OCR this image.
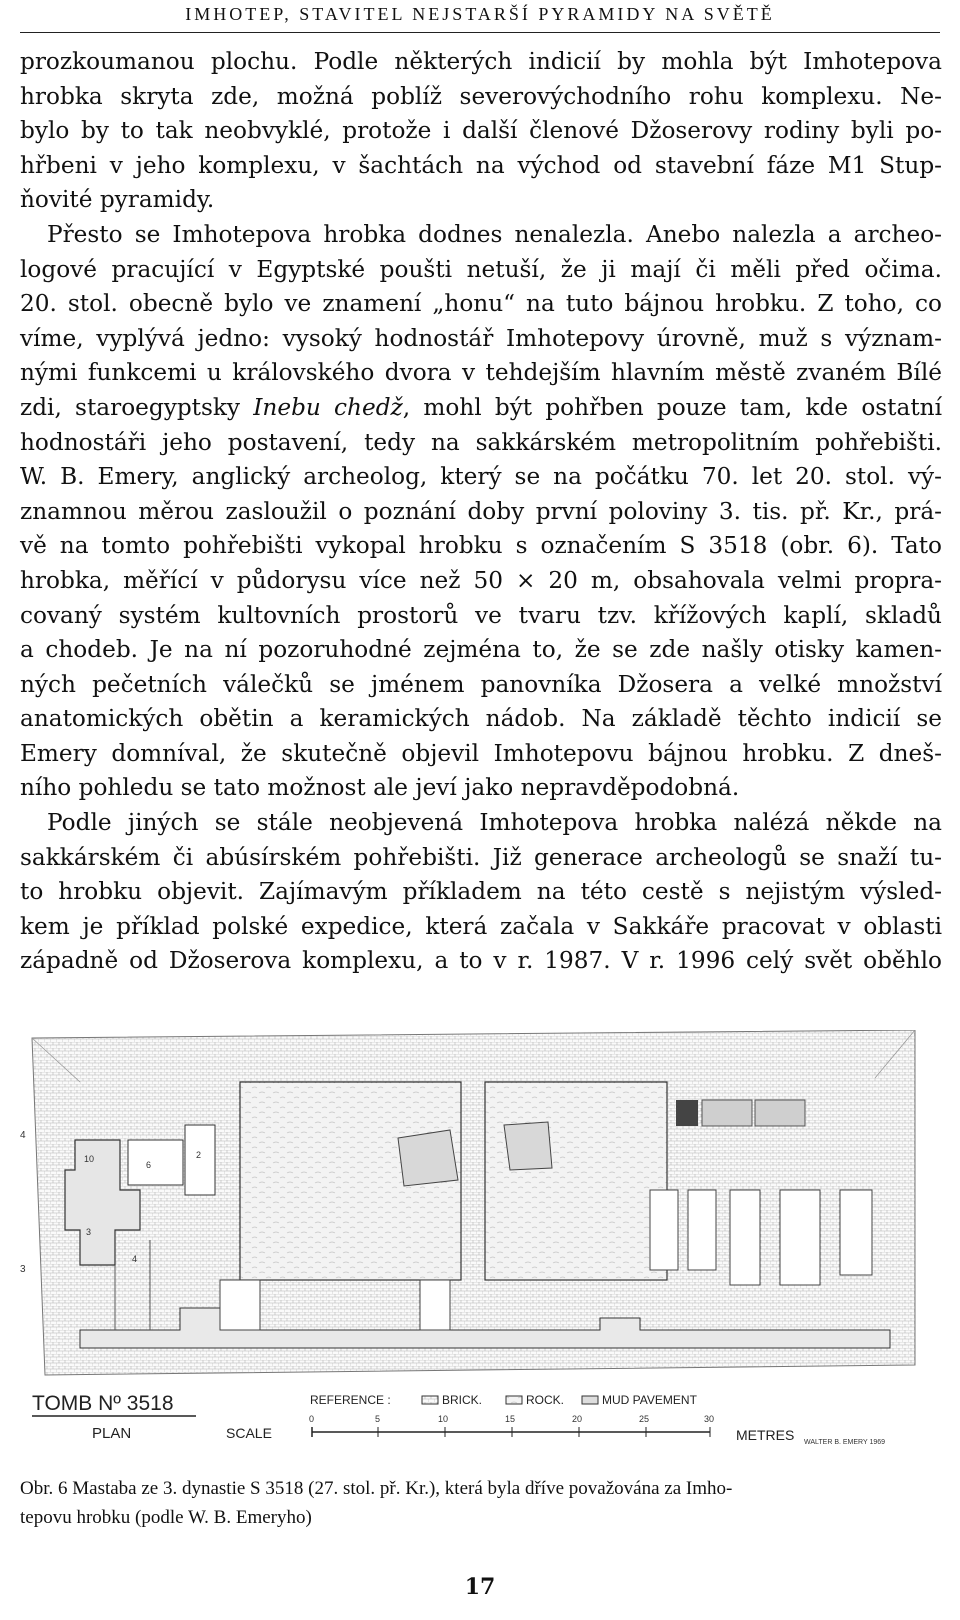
IMHOTEP, STAVITEL NEJSTARŠÍ PYRAMIDY NA SVĚTĚ
prozkoumanou plochu. Podle některých indicií by mohla být Imhotepova
hrobka skryta zde, možná poblíž severovýchodního rohu komplexu. Ne-
bylo by to tak neobvyklé, protože i další členové Džoserovy rodiny byli po-
hřbeni v jeho komplexu, v šachtách na východ od stavební fáze M1 Stup-
ňovité pyramidy.
Přesto se Imhotepova hrobka dodnes nenalezla. Anebo nalezla a archeo-
logové pracující v Egyptské poušti netuší, že ji mají či měli před očima.
20. stol. obecně bylo ve znamení „honu“ na tuto bájnou hrobku. Z toho, co
víme, vyplývá jedno: vysoký hodnostář Imhotepovy úrovně, muž s význam-
nými funkcemi u královského dvora v tehdejším hlavním městě zvaném Bílé
zdi, staroegyptsky Inebu chedž, mohl být pohřben pouze tam, kde ostatní
hodnostáři jeho postavení, tedy na sakkárském metropolitním pohřebišti.
W. B. Emery, anglický archeolog, který se na počátku 70. let 20. stol. vý-
znamnou měrou zasloužil o poznání doby první poloviny 3. tis. př. Kr., prá-
vě na tomto pohřebišti vykopal hrobku s označením S 3518 (obr. 6). Tato
hrobka, měřící v půdorysu více než 50 × 20 m, obsahovala velmi propra-
covaný systém kultovních prostorů ve tvaru tzv. křížových kaplí, skladů
a chodeb. Je na ní pozoruhodné zejména to, že se zde našly otisky kamen-
ných pečetních válečků se jménem panovníka Džosera a velké množství
anatomických obětin a keramických nádob. Na základě těchto indicií se
Emery domníval, že skutečně objevil Imhotepovu bájnou hrobku. Z dneš-
ního pohledu se tato možnost ale jeví jako nepravděpodobná.
Podle jiných se stále neobjevená Imhotepova hrobka nalézá někde na
sakkárském či abúsírském pohřebišti. Již generace archeologů se snaží tu-
to hrobku objevit. Zajímavým příkladem na této cestě s nejistým výsled-
kem je příklad polské expedice, která začala v Sakkáře pracovat v oblasti
západně od Džoserova komplexu, a to v r. 1987. V r. 1996 celý svět oběhlo
10
6
2
3
4
4
3
TOMB Nº 3518
PLAN
REFERENCE :	BRICK.	ROCK.	MUD PAVEMENT
SCALE
0	5	10	15	20	25	30
METRES WALTER B. EMERY 1969
Obr. 6 Mastaba ze 3. dynastie S 3518 (27. stol. př. Kr.), která byla dříve považována za Imho-
tepovu hrobku (podle W. B. Emeryho)
17
